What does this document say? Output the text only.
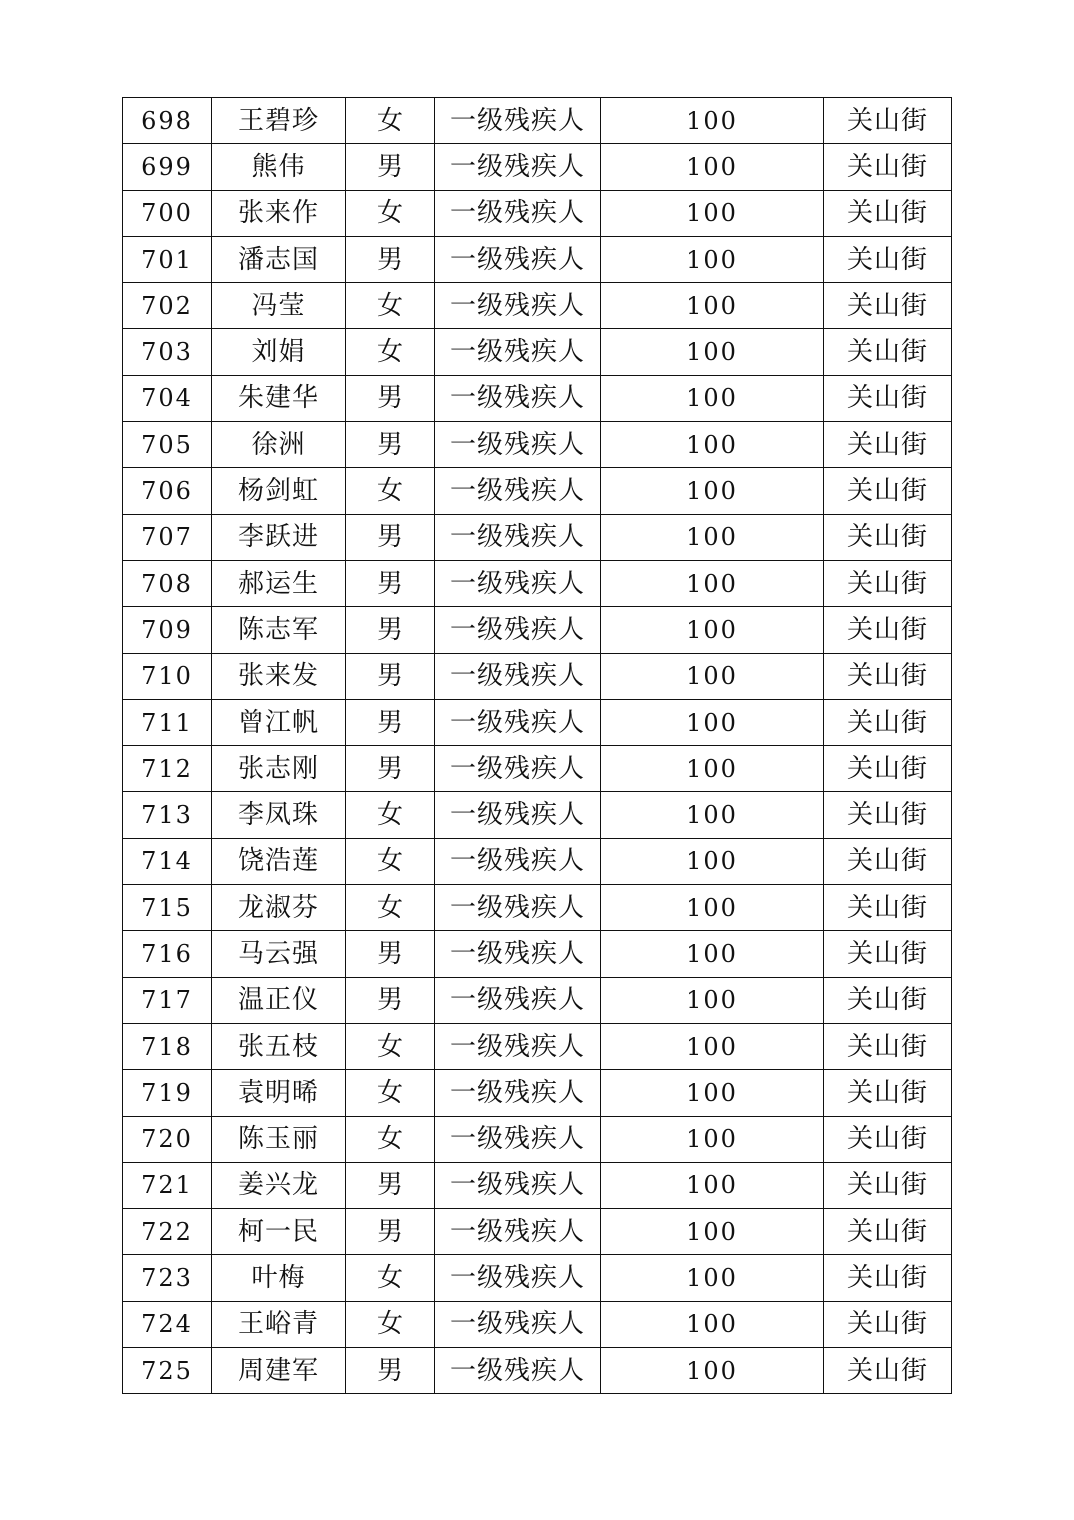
698	王碧珍	女	一级残疾人	100	关山街
699	熊伟	男	一级残疾人	100	关山街
700	张来作	女	一级残疾人	100	关山街
701	潘志国	男	一级残疾人	100	关山街
702	冯莹	女	一级残疾人	100	关山街
703	刘娟	女	一级残疾人	100	关山街
704	朱建华	男	一级残疾人	100	关山街
705	徐洲	男	一级残疾人	100	关山街
706	杨剑虹	女	一级残疾人	100	关山街
707	李跃进	男	一级残疾人	100	关山街
708	郝运生	男	一级残疾人	100	关山街
709	陈志军	男	一级残疾人	100	关山街
710	张来发	男	一级残疾人	100	关山街
711	曾江帆	男	一级残疾人	100	关山街
712	张志刚	男	一级残疾人	100	关山街
713	李凤珠	女	一级残疾人	100	关山街
714	饶浩莲	女	一级残疾人	100	关山街
715	龙淑芬	女	一级残疾人	100	关山街
716	马云强	男	一级残疾人	100	关山街
717	温正仪	男	一级残疾人	100	关山街
718	张五枝	女	一级残疾人	100	关山街
719	袁明晞	女	一级残疾人	100	关山街
720	陈玉丽	女	一级残疾人	100	关山街
721	姜兴龙	男	一级残疾人	100	关山街
722	柯一民	男	一级残疾人	100	关山街
723	叶梅	女	一级残疾人	100	关山街
724	王峪青	女	一级残疾人	100	关山街
725	周建军	男	一级残疾人	100	关山街
